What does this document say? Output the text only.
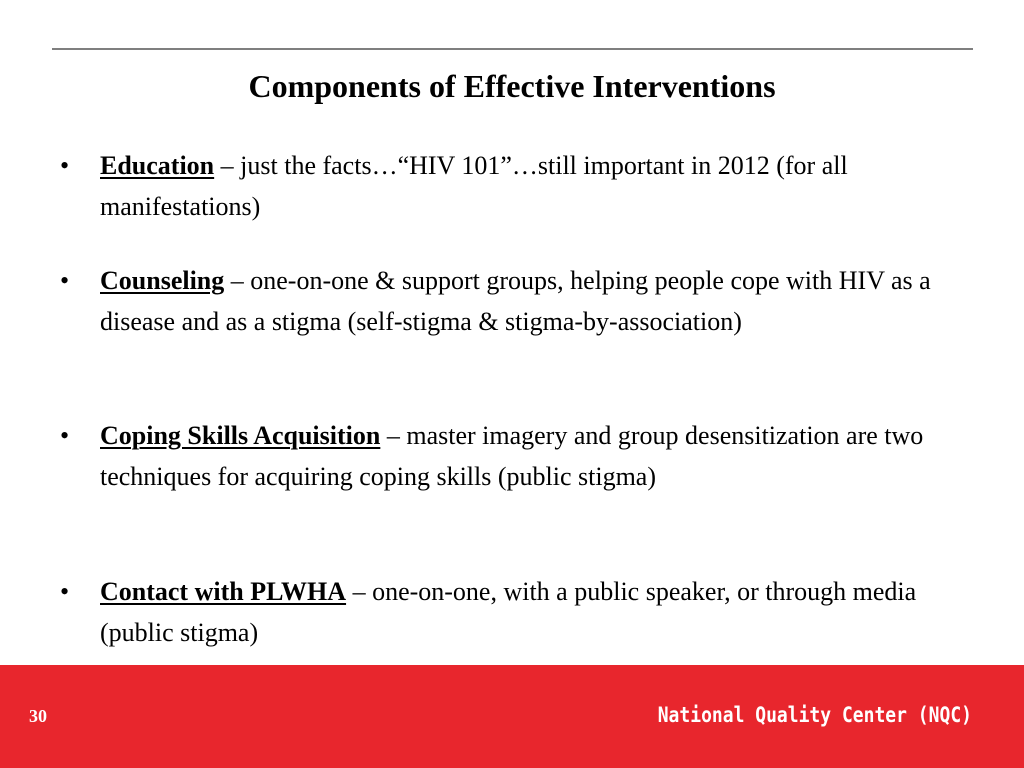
Components of Effective Interventions
• Education – just the facts…“HIV 101”…still important in 2012 (for all manifestations)
• Counseling – one-on-one & support groups, helping people cope with HIV as a disease and as a stigma (self-stigma & stigma-by-association)
• Coping Skills Acquisition – master imagery and group desensitization are two techniques for acquiring coping skills (public stigma)
• Contact with PLWHA – one-on-one, with a public speaker, or through media (public stigma)
30	National Quality Center (NQC)
